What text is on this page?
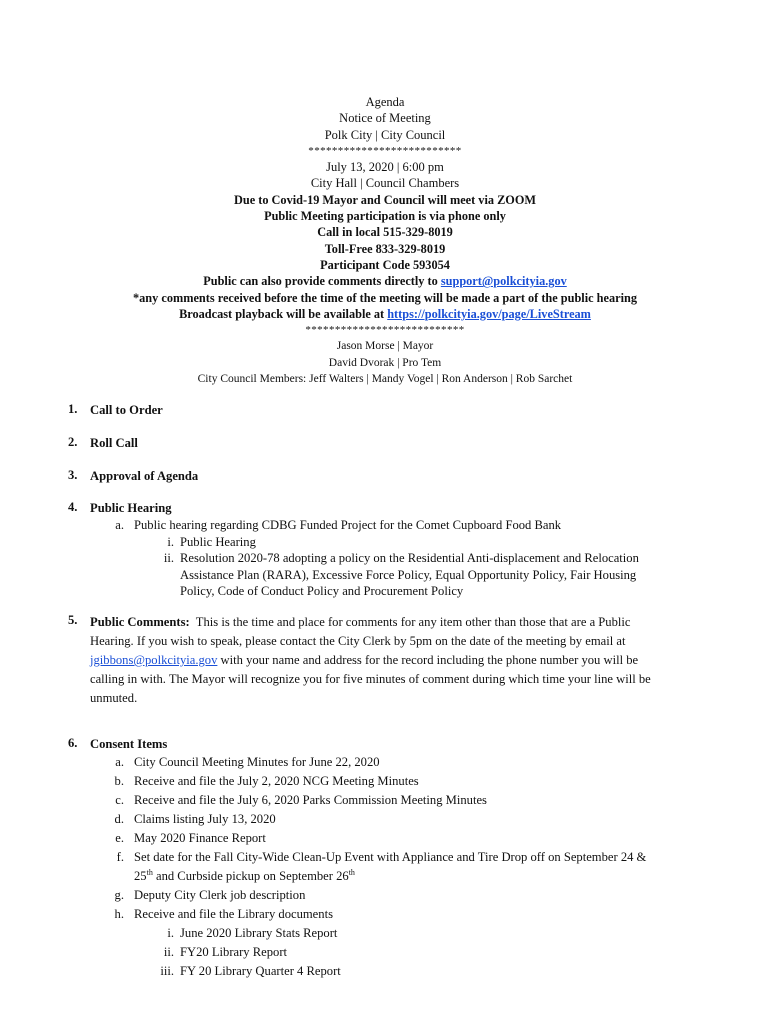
Agenda
Notice of Meeting
Polk City | City Council
**************************
July 13, 2020 | 6:00 pm
City Hall | Council Chambers
Due to Covid-19 Mayor and Council will meet via ZOOM
Public Meeting participation is via phone only
Call in local 515-329-8019
Toll-Free 833-329-8019
Participant Code 593054
Public can also provide comments directly to support@polkcityia.gov
*any comments received before the time of the meeting will be made a part of the public hearing
Broadcast playback will be available at https://polkcityia.gov/page/LiveStream
***************************
Jason Morse | Mayor
David Dvorak | Pro Tem
City Council Members: Jeff Walters | Mandy Vogel | Ron Anderson | Rob Sarchet
1. Call to Order
2. Roll Call
3. Approval of Agenda
4. Public Hearing
a. Public hearing regarding CDBG Funded Project for the Comet Cupboard Food Bank
i. Public Hearing
ii. Resolution 2020-78 adopting a policy on the Residential Anti-displacement and Relocation
Assistance Plan (RARA), Excessive Force Policy, Equal Opportunity Policy, Fair Housing
Policy, Code of Conduct Policy and Procurement Policy
5. Public Comments: This is the time and place for comments for any item other than those that are a Public
Hearing. If you wish to speak, please contact the City Clerk by 5pm on the date of the meeting by email at
jgibbons@polkcityia.gov with your name and address for the record including the phone number you will be
calling in with. The Mayor will recognize you for five minutes of comment during which time your line will be
unmuted.
6. Consent Items
a. City Council Meeting Minutes for June 22, 2020
b. Receive and file the July 2, 2020 NCG Meeting Minutes
c. Receive and file the July 6, 2020 Parks Commission Meeting Minutes
d. Claims listing July 13, 2020
e. May 2020 Finance Report
f. Set date for the Fall City-Wide Clean-Up Event with Appliance and Tire Drop off on September 24 &
25th and Curbside pickup on September 26th
g. Deputy City Clerk job description
h. Receive and file the Library documents
i. June 2020 Library Stats Report
ii. FY20 Library Report
iii. FY 20 Library Quarter 4 Report
